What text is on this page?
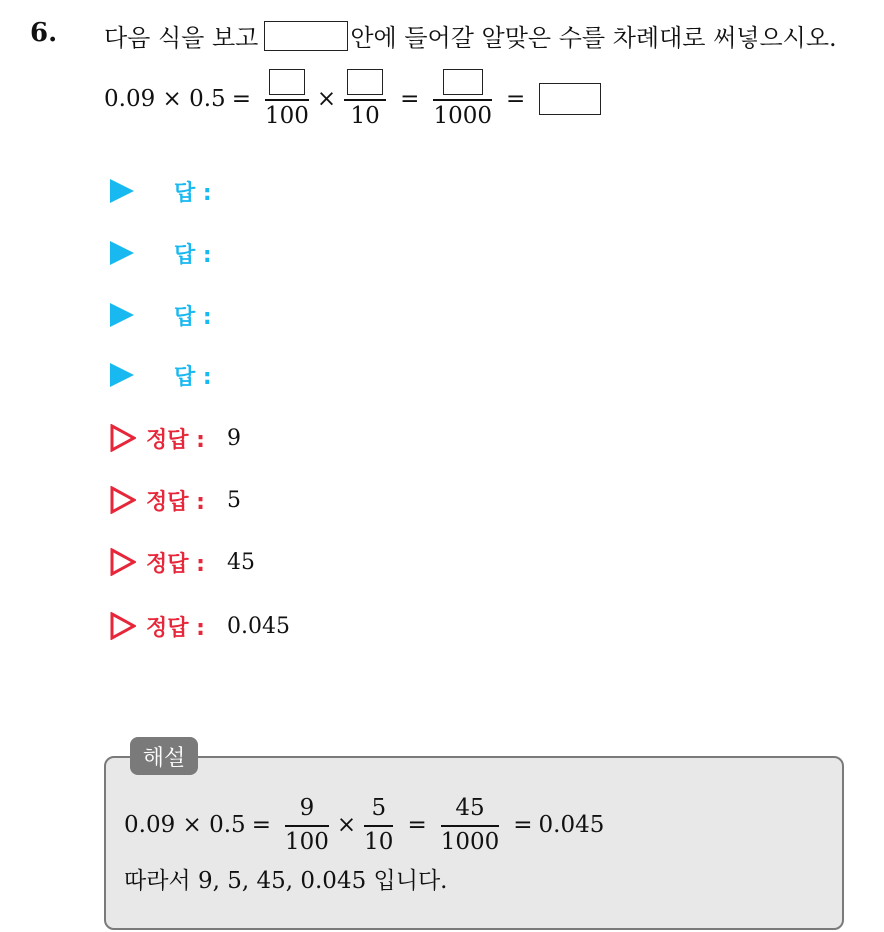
6. 다음 식을 보고	안에 들어갈 알맞은 수를 차례대로 써넣으시오.
0.09 × 0.5 =
100
×
10
=
1000
=
답 :
답 :
답 :
답 :
정답 : 9
정답 : 5
정답 : 45
정답 : 0.045
해설
$0.09 \times 0.5 = \frac{9}{100} \times \frac{5}{10} = \frac{45}{1000} = 0.045$
따라서 9, 5, 45, 0.045 입니다.
